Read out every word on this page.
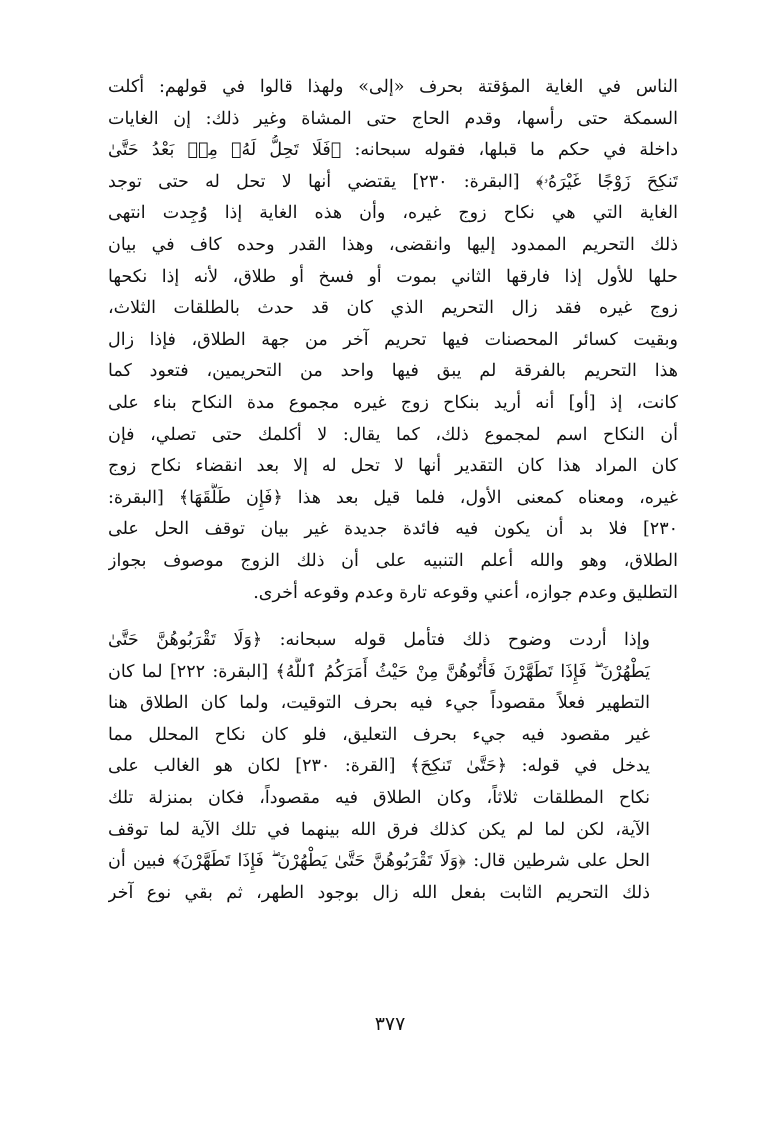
الناس في الغاية المؤقتة بحرف «إلى» ولهذا قالوا في قولهم: أكلت
السمكة حتى رأسها، وقدم الحاج حتى المشاة وغير ذلك: إن الغايات
داخلة في حكم ما قبلها، فقوله سبحانه: ﴿فَلَا تَحِلُّ لَهُۥ مِنۢ بَعْدُ حَتَّىٰ
تَنكِحَ زَوْجًا غَيْرَهُۥ﴾ [البقرة: ٢٣٠] يقتضي أنها لا تحل له حتى توجد
الغاية التي هي نكاح زوج غيره، وأن هذه الغاية إذا وُجِدت انتهى
ذلك التحريم الممدود إليها وانقضى، وهذا القدر وحده كاف في بيان
حلها للأول إذا فارقها الثاني بموت أو فسخ أو طلاق، لأنه إذا نكحها
زوج غيره فقد زال التحريم الذي كان قد حدث بالطلقات الثلاث،
وبقيت كسائر المحصنات فيها تحريم آخر من جهة الطلاق، فإذا زال
هذا التحريم بالفرقة لم يبق فيها واحد من التحريمين، فتعود كما
كانت، إذ [أو] أنه أريد بنكاح زوج غيره مجموع مدة النكاح بناء على
أن النكاح اسم لمجموع ذلك، كما يقال: لا أكلمك حتى تصلي، فإن
كان المراد هذا كان التقدير أنها لا تحل له إلا بعد انقضاء نكاح زوج
غيره، ومعناه كمعنى الأول، فلما قيل بعد هذا ﴿فَإِن طَلَّقَهَا﴾ [البقرة:
٢٣٠] فلا بد أن يكون فيه فائدة جديدة غير بيان توقف الحل على
الطلاق، وهو والله أعلم التنبيه على أن ذلك الزوج موصوف بجواز
التطليق وعدم جوازه، أعني وقوعه تارة وعدم وقوعه أخرى.

وإذا أردت وضوح ذلك فتأمل قوله سبحانه: ﴿وَلَا تَقْرَبُوهُنَّ حَتَّىٰ
يَطْهُرْنَ ۖ فَإِذَا تَطَهَّرْنَ فَأْتُوهُنَّ مِنْ حَيْثُ أَمَرَكُمُ ٱللَّهُ﴾ [البقرة: ٢٢٢] لما كان
التطهير فعلاً مقصوداً جيء فيه بحرف التوقيت، ولما كان الطلاق هنا
غير مقصود فيه جيء بحرف التعليق، فلو كان نكاح المحلل مما
يدخل في قوله: ﴿حَتَّىٰ تَنكِحَ﴾ [القرة: ٢٣٠] لكان هو الغالب على
نكاح المطلقات ثلاثاً، وكان الطلاق فيه مقصوداً، فكان بمنزلة تلك
الآية، لكن لما لم يكن كذلك فرق الله بينهما في تلك الآية لما توقف
الحل على شرطين قال: ﴿وَلَا تَقْرَبُوهُنَّ حَتَّىٰ يَطْهُرْنَ ۖ فَإِذَا تَطَهَّرْنَ﴾ فبين أن
ذلك التحريم الثابت بفعل الله زال بوجود الطهر، ثم بقي نوع آخر

٣٧٧
